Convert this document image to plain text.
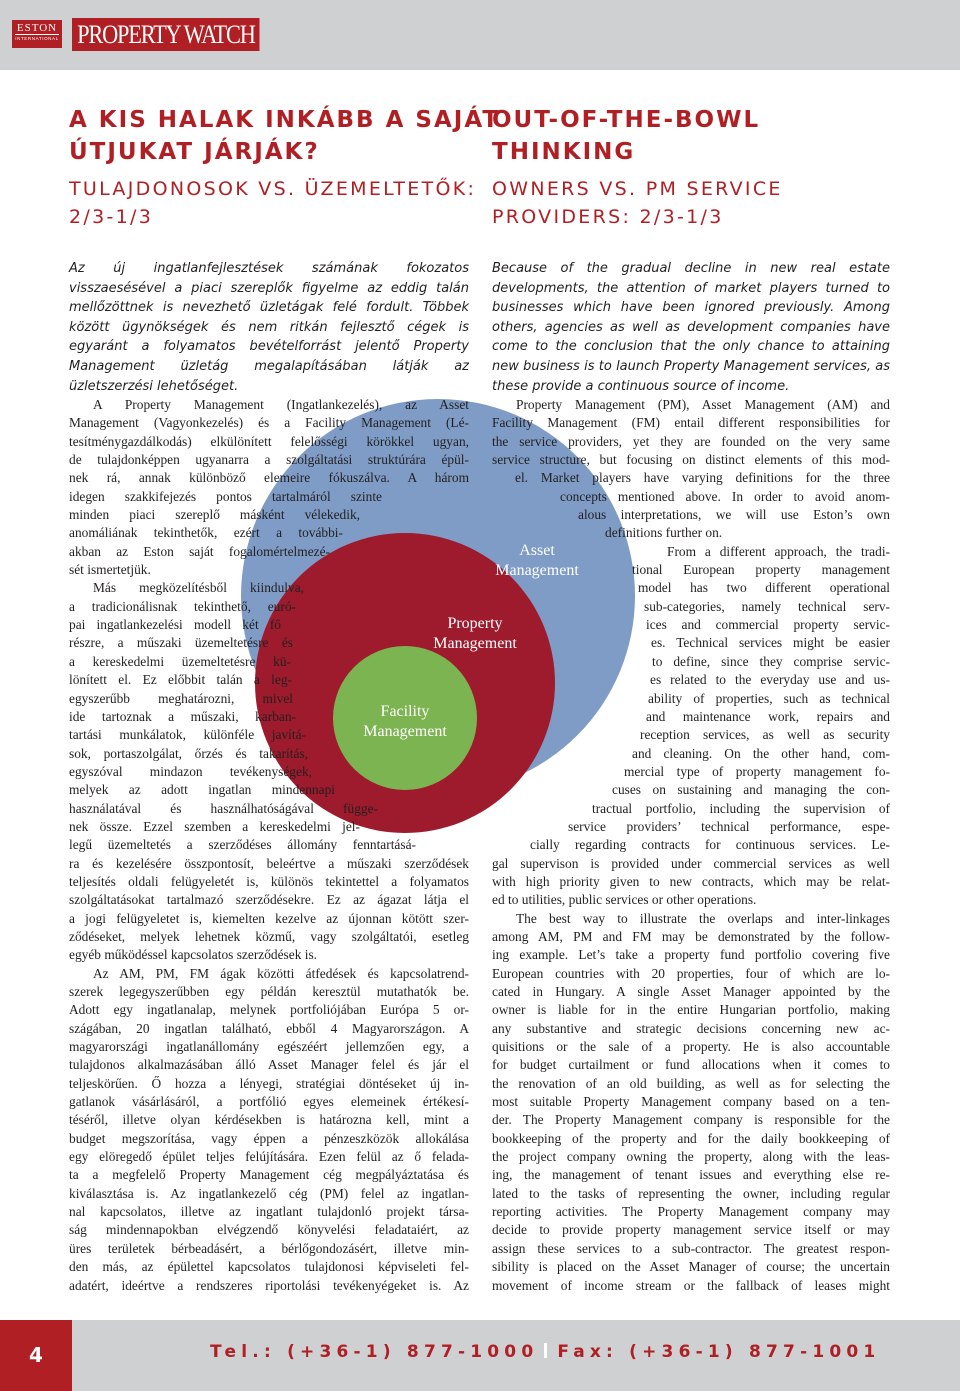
ESTON
INTERNATIONAL PROPERTY WATCH
Asset
Management
Property
Management
Facility
Management
A KIS HALAK INKÁBB A SAJÁT
ÚTJUKAT JÁRJÁK?
TULAJDONOSOK VS. ÜZEMELTETŐK:
2/3-1/3

Az új ingatlanfejlesztések számának fokozatos visszaesésével a piaci szereplők figyelme az eddig talán mellőzöttnek is nevezhető üzletágak felé fordult. Többek között ügynökségek és nem ritkán fejlesztő cégek is egyaránt a folyamatos bevételforrást jelentő Property Management üzletág megalapításában látják az üzletszerzési lehetőséget.

A Property Management (Ingatlankezelés), az Asset
Management (Vagyonkezelés) és a Facility Management (Lé-
tesítménygazdálkodás) elkülönített felelősségi körökkel ugyan,
de tulajdonképpen ugyanarra a szolgáltatási struktúrára épül-
nek rá, annak különböző elemeire fókuszálva. A három
idegen szakkifejezés pontos tartalmáról szinte
minden piaci szereplő másként vélekedik,
anomáliának tekinthetők, ezért a további-
akban az Eston saját fogalomértelmezé-
sét ismertetjük.
Más megközelítésből kiindulva,
a tradicionálisnak tekinthető, euró-
pai ingatlankezelési modell két fő
részre, a műszaki üzemeltetésre és
a kereskedelmi üzemeltetésre kü-
lönített el. Ez előbbit talán a leg-
egyszerűbb meghatározni, mivel
ide tartoznak a műszaki, karban-
tartási munkálatok, különféle javítá-
sok, portaszolgálat, őrzés és takarítás,
egyszóval mindazon tevékenységek,
melyek az adott ingatlan mindennapi
használatával és használhatóságával függe-
nek össze. Ezzel szemben a kereskedelmi jel-
legű üzemeltetés a szerződéses állomány fenntartásá-
ra és kezelésére összpontosít, beleértve a műszaki szerződések
teljesítés oldali felügyeletét is, különös tekintettel a folyamatos
szolgáltatásokat tartalmazó szerződésekre. Ez az ágazat látja el
a jogi felügyeletet is, kiemelten kezelve az újonnan kötött szer-
ződéseket, melyek lehetnek közmű, vagy szolgáltatói, esetleg
egyéb működéssel kapcsolatos szerződések is.
Az AM, PM, FM ágak közötti átfedések és kapcsolatrend-
szerek legegyszerűbben egy példán keresztül mutathatók be.
Adott egy ingatlanalap, melynek portfoliójában Európa 5 or-
szágában, 20 ingatlan található, ebből 4 Magyarországon. A
magyarországi ingatlanállomány egészéért jellemzően egy, a
tulajdonos alkalmazásában álló Asset Manager felel és jár el
teljeskörűen. Ő hozza a lényegi, stratégiai döntéseket új in-
gatlanok vásárlásáról, a portfólió egyes elemeinek értékesí-
téséről, illetve olyan kérdésekben is határozna kell, mint a
budget megszorítása, vagy éppen a pénzeszközök allokálása
egy elöregedő épület teljes felújítására. Ezen felül az ő felada-
ta a megfelelő Property Management cég megpályáztatása és
kiválasztása is. Az ingatlankezelő cég (PM) felel az ingatlan-
nal kapcsolatos, illetve az ingatlant tulajdonló projekt társa-
ság mindennapokban elvégzendő könyvelési feladataiért, az
üres területek bérbeadásért, a bérlőgondozásért, illetve min-
den más, az épülettel kapcsolatos tulajdonosi képviseleti fel-
adatért, ideértve a rendszeres riportolási tevékenyégeket is. Az
OUT-OF-THE-BOWL
THINKING
OWNERS VS. PM SERVICE
PROVIDERS: 2/3-1/3

Because of the gradual decline in new real estate developments, the attention of market players turned to businesses which have been ignored previously. Among others, agencies as well as development companies have come to the conclusion that the only chance to attaining new business is to launch Property Management services, as these provide a continuous source of income.

Property Management (PM), Asset Management (AM) and
Facility Management (FM) entail different responsibilities for
the service providers, yet they are founded on the very same
service structure, but focusing on distinct elements of this mod-
el. Market players have varying definitions for the three
concepts mentioned above. In order to avoid anom-
alous interpretations, we will use Eston’s own
definitions further on.
From a different approach, the tradi-
tional European property management
model has two different operational
sub-categories, namely technical serv-
ices and commercial property servic-
es. Technical services might be easier
to define, since they comprise servic-
es related to the everyday use and us-
ability of properties, such as technical
and maintenance work, repairs and
reception services, as well as security
and cleaning. On the other hand, com-
mercial type of property management fo-
cuses on sustaining and managing the con-
tractual portfolio, including the supervision of
service providers’ technical performance, espe-
cially regarding contracts for continuous services. Le-
gal supervison is provided under commercial services as well
with high priority given to new contracts, which may be relat-
ed to utilities, public services or other operations.
The best way to illustrate the overlaps and inter-linkages
among AM, PM and FM may be demonstrated by the follow-
ing example. Let’s take a property fund portfolio covering five
European countries with 20 properties, four of which are lo-
cated in Hungary. A single Asset Manager appointed by the
owner is liable for in the entire Hungarian portfolio, making
any substantive and strategic decisions concerning new ac-
quisitions or the sale of a property. He is also accountable
for budget curtailment or fund allocations when it comes to
the renovation of an old building, as well as for selecting the
most suitable Property Management company based on a ten-
der. The Property Management company is responsible for the
bookkeeping of the property and for the daily bookkeeping of
the project company owning the property, along with the leas-
ing, the management of tenant issues and everything else re-
lated to the tasks of representing the owner, including regular
reporting activities. The Property Management company may
decide to provide property management service itself or may
assign these services to a sub-contractor. The greatest respon-
sibility is placed on the Asset Manager of course; the uncertain
movement of income stream or the fallback of leases might
4	Tel.: (+36-1) 877-1000 Fax: (+36-1) 877-1001
